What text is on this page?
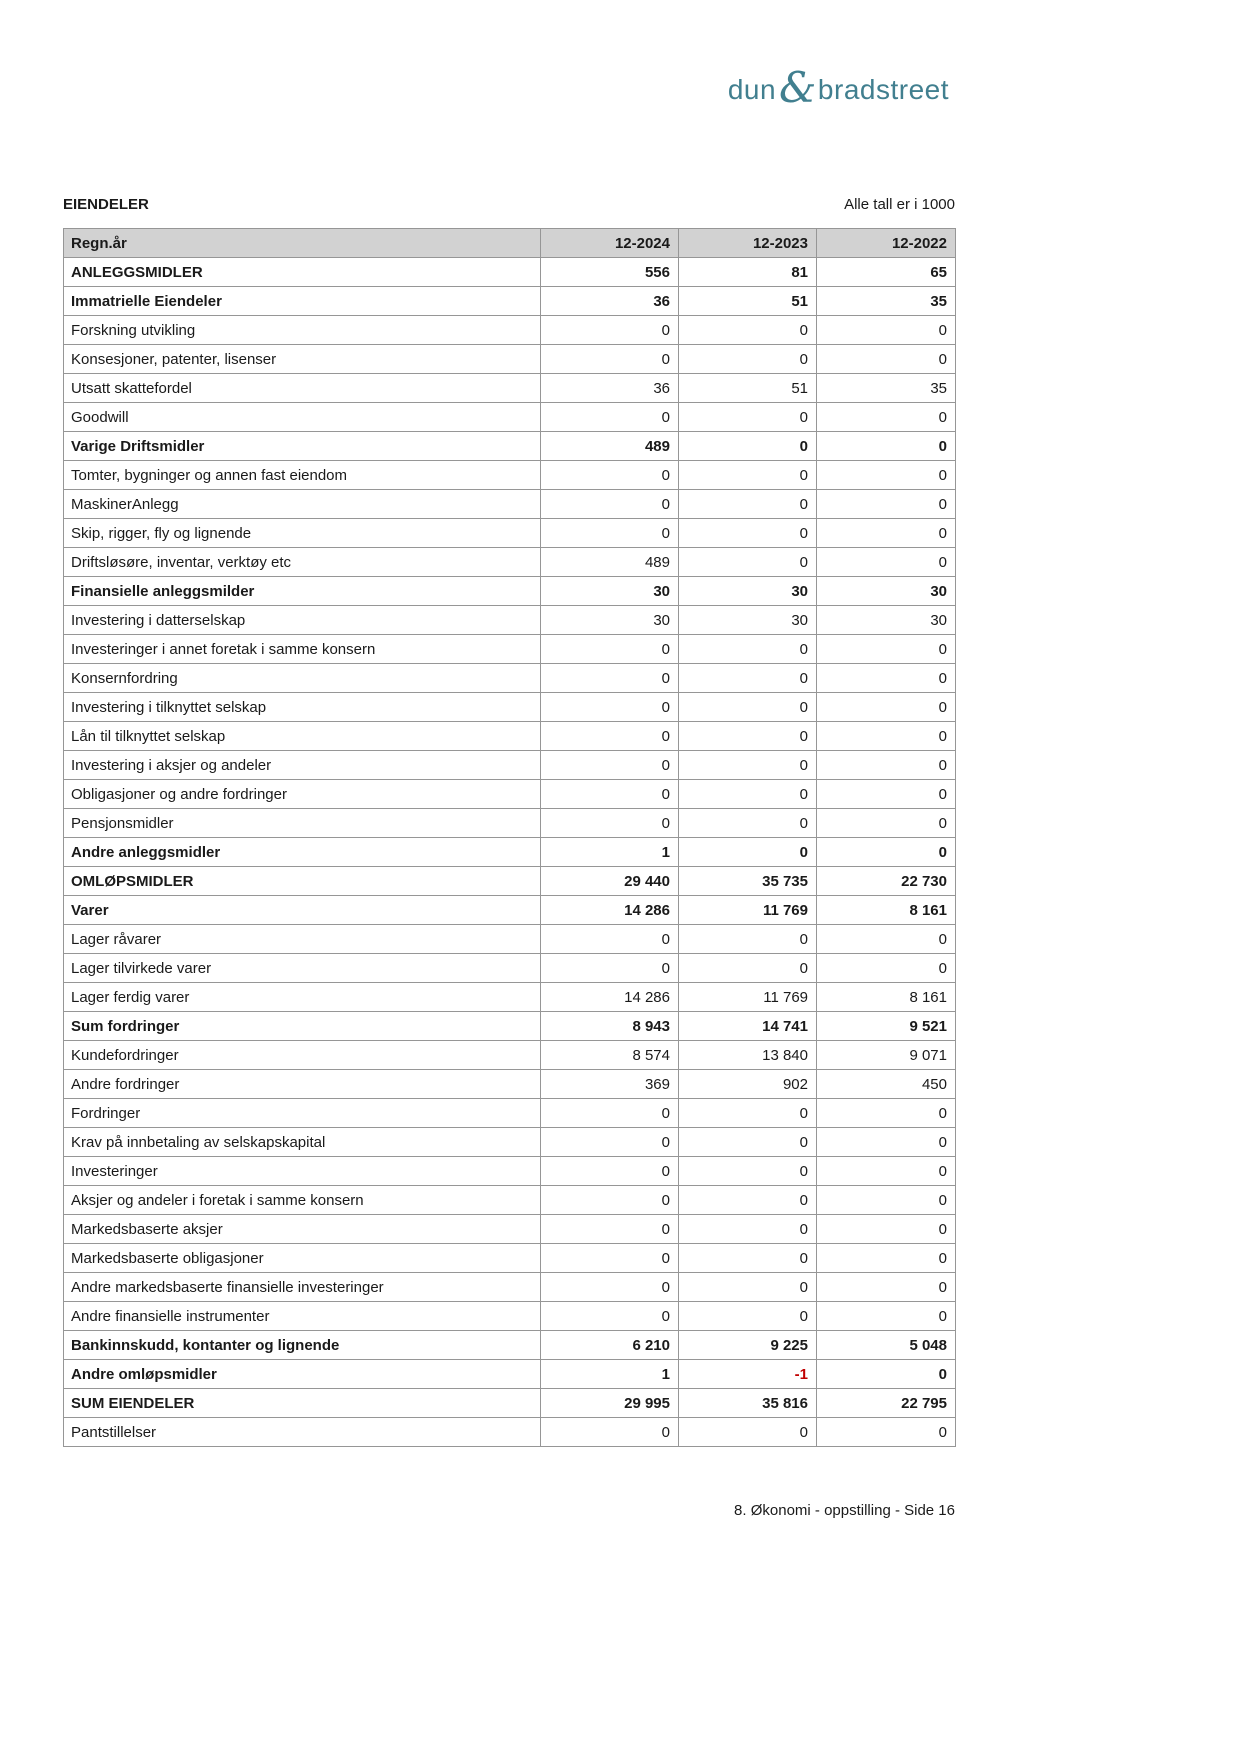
dun & bradstreet
EIENDELER	Alle tall er i 1000
Regn.år	12-2024	12-2023	12-2022
ANLEGGSMIDLER	556	81	65
Immatrielle Eiendeler	36	51	35
Forskning utvikling	0	0	0
Konsesjoner, patenter, lisenser	0	0	0
Utsatt skattefordel	36	51	35
Goodwill	0	0	0
Varige Driftsmidler	489	0	0
Tomter, bygninger og annen fast eiendom	0	0	0
MaskinerAnlegg	0	0	0
Skip, rigger, fly og lignende	0	0	0
Driftsløsøre, inventar, verktøy etc	489	0	0
Finansielle anleggsmilder	30	30	30
Investering i datterselskap	30	30	30
Investeringer i annet foretak i samme konsern	0	0	0
Konsernfordring	0	0	0
Investering i tilknyttet selskap	0	0	0
Lån til tilknyttet selskap	0	0	0
Investering i aksjer og andeler	0	0	0
Obligasjoner og andre fordringer	0	0	0
Pensjonsmidler	0	0	0
Andre anleggsmidler	1	0	0
OMLØPSMIDLER	29 440	35 735	22 730
Varer	14 286	11 769	8 161
Lager råvarer	0	0	0
Lager tilvirkede varer	0	0	0
Lager ferdig varer	14 286	11 769	8 161
Sum fordringer	8 943	14 741	9 521
Kundefordringer	8 574	13 840	9 071
Andre fordringer	369	902	450
Fordringer	0	0	0
Krav på innbetaling av selskapskapital	0	0	0
Investeringer	0	0	0
Aksjer og andeler i foretak i samme konsern	0	0	0
Markedsbaserte aksjer	0	0	0
Markedsbaserte obligasjoner	0	0	0
Andre markedsbaserte finansielle investeringer	0	0	0
Andre finansielle instrumenter	0	0	0
Bankinnskudd, kontanter og lignende	6 210	9 225	5 048
Andre omløpsmidler	1	-1	0
SUM EIENDELER	29 995	35 816	22 795
Pantstillelser	0	0	0
8. Økonomi - oppstilling - Side 16
